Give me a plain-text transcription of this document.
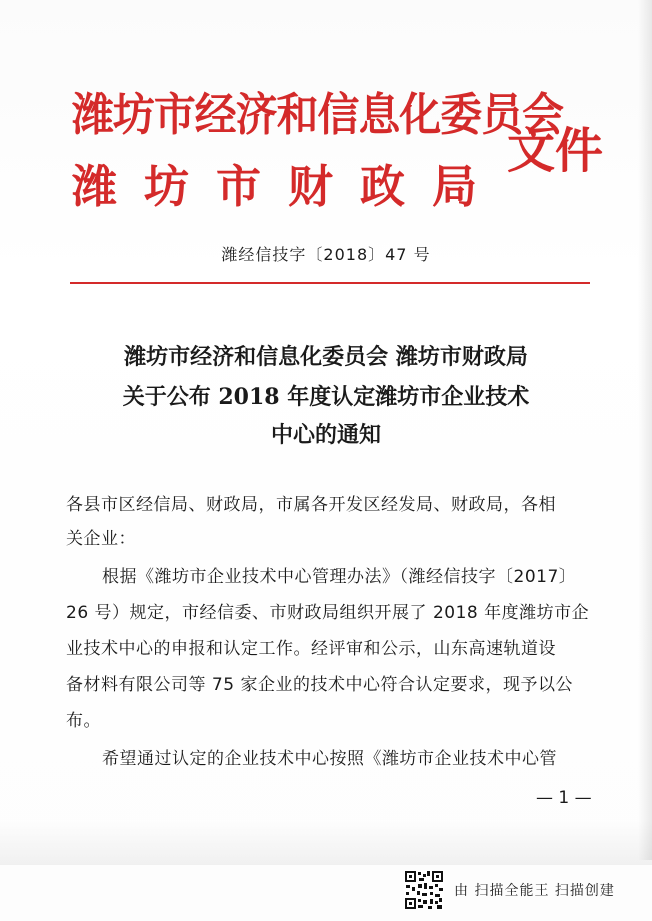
潍坊市经济和信息化委员会
潍坊市财政局
文件
潍经信技字〔2018〕47 号
潍坊市经济和信息化委员会 潍坊市财政局
关于公布 2018 年度认定潍坊市企业技术
中心的通知
各县市区经信局、财政局，市属各开发区经发局、财政局，各相
关企业：
根据《潍坊市企业技术中心管理办法》（潍经信技字〔2017〕
26 号）规定，市经信委、市财政局组织开展了 2018 年度潍坊市企
业技术中心的申报和认定工作。经评审和公示，山东高速轨道设
备材料有限公司等 75 家企业的技术中心符合认定要求，现予以公
布。
希望通过认定的企业技术中心按照《潍坊市企业技术中心管
— 1 —
由 扫描全能王 扫描创建
